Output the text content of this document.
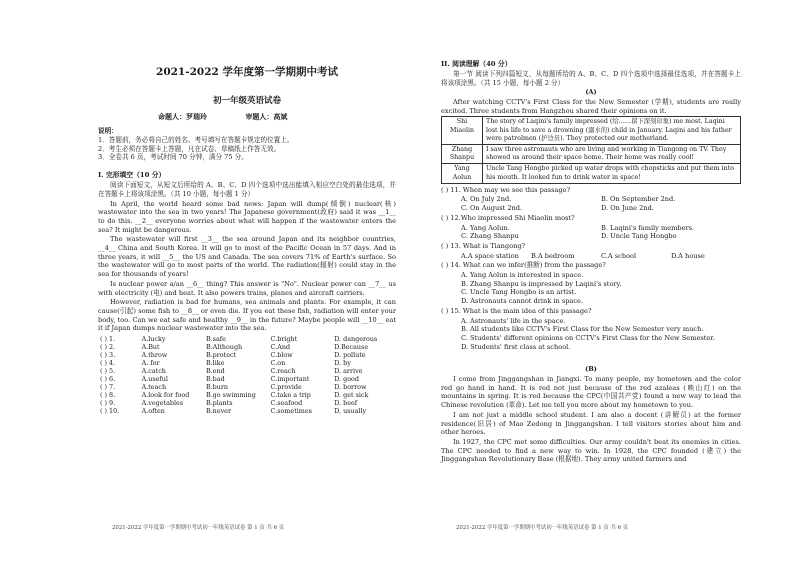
2021-2022 学年度第一学期期中考试
初一年级英语试卷
命题人：罗瑞玲	审题人：高斌
说明：
1．答题前，务必将自己的姓名、考号填写在答题卡规定的位置上。
2．考生必须在答题卡上答题，凡在试卷、草稿纸上作答无效。
3．全卷共 6 页，考试时间 70 分钟，满分 75 分。
I. 完形填空（10 分）
阅读下面短文，从短文后所给的 A、B、C、D 四个选项中选出能填入相应空白处的最佳选项，并在答题卡上将该项涂黑。（共 10 小题，每小题 1 分）
In April, the world heard some bad news: Japan will dump(倾倒) nuclear(核) wastewater into the sea in two years! The Japanese government(政府) said it was __1__ to do this. __2__ everyone worries about what will happen if the wastewater enters the sea? It might be dangerous.
The wastewater will first __3__ the sea around Japan and its neighbor countries, __4__ China and South Korea. It will go to most of the Pacific Ocean in 57 days. And in three years, it will __5__ the US and Canada. The sea covers 71% of Earth's surface. So the wastewater will go to most parts of the world. The radiation(辐射) could stay in the sea for thousands of years!
Is nuclear power a/an __6__ thing? This answer is "No". Nuclear power can __7__ us with electricity (电) and heat. It also powers trains, planes and aircraft carriers.
However, radiation is bad for humans, sea animals and plants. For example, it can cause(引起) some fish to __8__ or even die. If you eat these fish, radiation will enter your body, too. Can we eat safe and healthy __9__ in the future? Maybe people will __10__ eat it if Japan dumps nuclear wastewater into the sea.
( ) 1.	A.lucky	B.safe	C.bright	D. dangerous
( ) 2.	A.But	B.Although	C.And	D.Because
( ) 3.	A.throw	B.protect	C.blow	D. pollute
( ) 4.	A. for	B.like	C.on	D. by
( ) 5.	A.catch	B.end	C.reach	D. arrive
( ) 6.	A.useful	B.bad	C.important	D. good
( ) 7.	A.teach	B.burn	C.provide	D. borrow
( ) 8.	A.look for food	B.go swimming	C.take a trip	D. get sick
( ) 9.	A.vegetables	B.plants	C.seafood	D. beef
( ) 10.	A.often	B.never	C.sometimes	D. usually
II. 阅读理解（40 分）
第一节 阅读下列四篇短文，从每题所给的 A、B、C、D 四个选项中选择最佳选项，并在答题卡上将该项涂黑。（共 15 小题，每小题 2 分）
(A)
After watching CCTV's First Class for the New Semester (学期), students are really excited. Three students from Hangzhou shared their opinions on it.
Shi Miaolin	The story of Laqini's family impressed (给……留下深刻印象) me most. Laqini lost his life to save a drowning (溺水的) child in January. Laqini and his father were patrolmen (护边员). They protected our motherland.
Zhang Shanpu	I saw three astronauts who are living and working in Tiangong on TV. They showed us around their space home. Their home was really cool!
Yang Aolun	Uncle Tang Hongbo picked up water drops with chopsticks and put them into his mouth. It looked fun to drink water in space!
( ) 11. When may we see this passage?
A. On July 2nd.	B. On September 2nd.
C. On August 2nd.	D. On June 2nd.
( ) 12.Who impressed Shi Miaolin most?
A. Yang Aolun.	B. Laqini's family members.
C. Zhang Shanpu	D. Uncle Tang Hongbo
( ) 13. What is Tiangong?
A.A space station	B.A bedroom	C.A school	D.A house
( ) 14. What can we infer(推断) from the passage?
A. Yang Aolun is interested in space.
B. Zhang Shanpu is impressed by Laqini's story.
C. Uncle Tang Hongbo is an artist.
D. Astronauts cannot drink in space.
( ) 15. What is the main idea of this passage?
A. Astronauts' life in the space.
B. All students like CCTV's First Class for the New Semester very much.
C. Students' different opinions on CCTV's First Class for the New Semester.
D. Students' first class at school.
(B)
I come from Jinggangshan in Jiangxi. To many people, my hometown and the color red go hand in hand. It is red not just because of the red azaleas (映山红) on the mountains in spring. It is red because the CPC(中国共产党) found a new way to lead the Chinese revolution (革命). Let me tell you more about my hometown to you.
I am not just a middle school student. I am also a docent (讲解员) at the former residence(旧居) of Mao Zedong in Jinggangshan. I tell visitors stories about him and other heroes.
In 1927, the CPC met some difficulties. Our army couldn't beat its enemies in cities. The CPC needed to find a new way to win. In 1928, the CPC founded (建立) the Jinggangshan Revolutionary Base (根据地). They army united farmers and
2021-2022 学年度第一学期期中考试初一年级英语试卷 第 1 页 共 6 页	2021-2022 学年度第一学期期中考试初一年级英语试卷 第 1 页 共 6 页
